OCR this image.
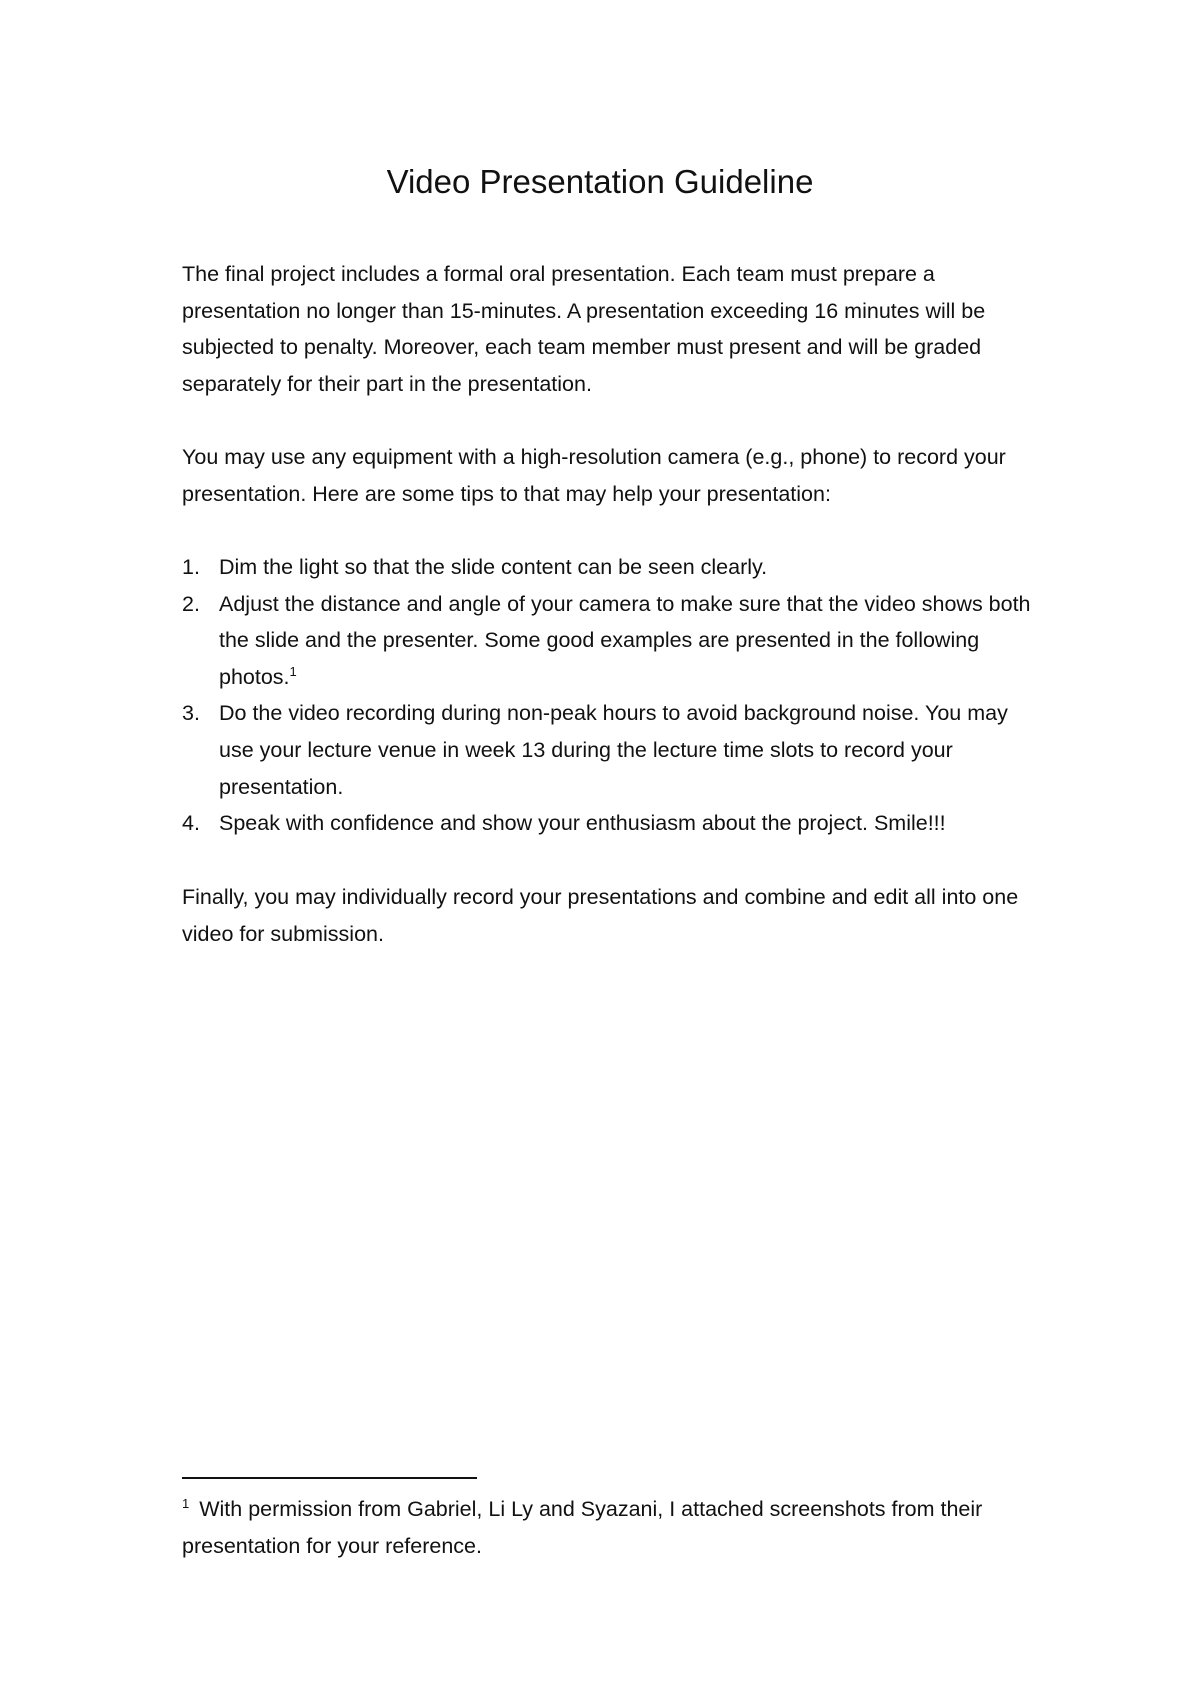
Video Presentation Guideline

The final project includes a formal oral presentation. Each team must prepare a presentation no longer than 15-minutes. A presentation exceeding 16 minutes will be subjected to penalty. Moreover, each team member must present and will be graded separately for their part in the presentation.

You may use any equipment with a high-resolution camera (e.g., phone) to record your presentation. Here are some tips to that may help your presentation:

1. Dim the light so that the slide content can be seen clearly.
2. Adjust the distance and angle of your camera to make sure that the video shows both the slide and the presenter. Some good examples are presented in the following photos.$^1$
3. Do the video recording during non-peak hours to avoid background noise. You may use your lecture venue in week 13 during the lecture time slots to record your presentation.
4. Speak with confidence and show your enthusiasm about the project. Smile!!!

Finally, you may individually record your presentations and combine and edit all into one video for submission.

$^1$ With permission from Gabriel, Li Ly and Syazani, I attached screenshots from their presentation for your reference.
